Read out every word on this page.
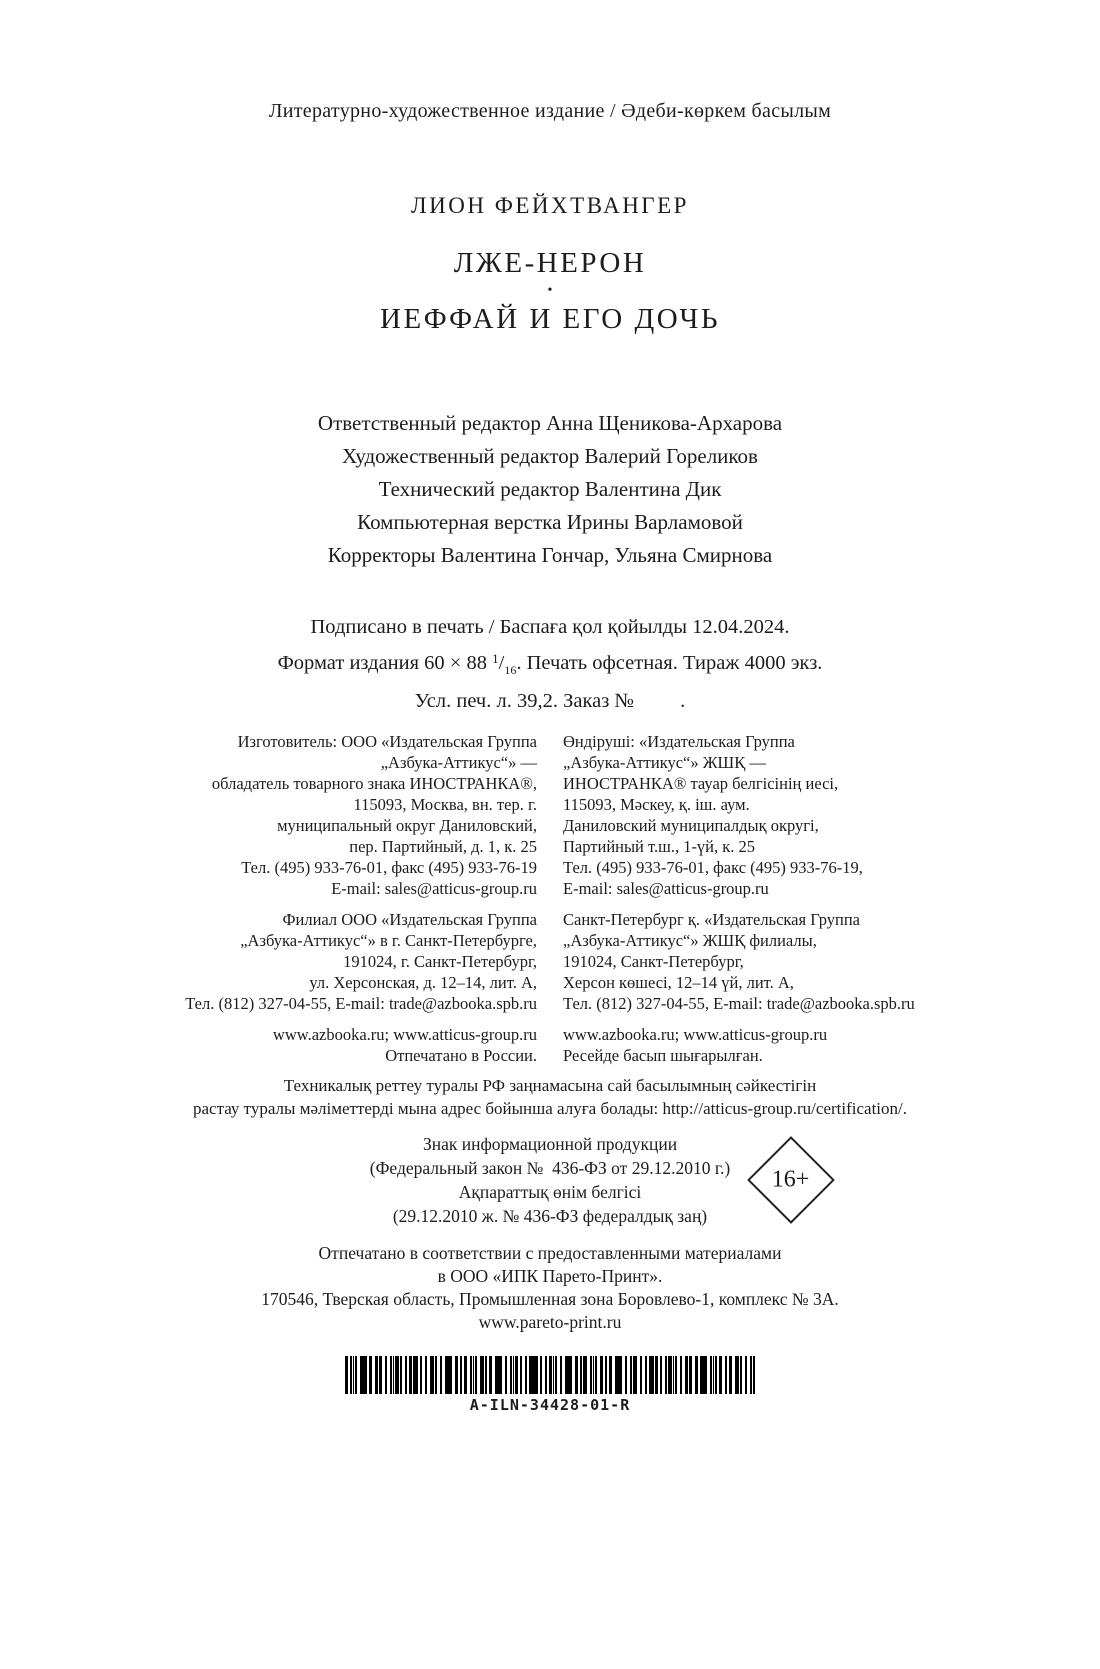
Литературно-художественное издание / Әдеби-көркем басылым
ЛИОН ФЕЙХТВАНГЕР
ЛЖЕ-НЕРОН
•
ИЕФФАЙ И ЕГО ДОЧЬ
Ответственный редактор Анна Щеникова-Архарова
Художественный редактор Валерий Гореликов
Технический редактор Валентина Дик
Компьютерная верстка Ирины Варламовой
Корректоры Валентина Гончар, Ульяна Смирнова
Подписано в печать / Баспаға қол қойылды 12.04.2024.
Формат издания 60 × 88 $^1/_{16}$. Печать офсетная. Тираж 4000 экз.
Усл. печ. л. 39,2. Заказ №         .
Изготовитель: ООО «Издательская Группа
„Азбука-Аттикус“» —
обладатель товарного знака ИНОСТРАНКА®,
115093, Москва, вн. тер. г.
муниципальный округ Даниловский,
пер. Партийный, д. 1, к. 25
Тел. (495) 933-76-01, факс (495) 933-76-19
E-mail: sales@atticus-group.ru
Филиал ООО «Издательская Группа
„Азбука-Аттикус“» в г. Санкт-Петербурге,
191024, г. Санкт-Петербург,
ул. Херсонская, д. 12–14, лит. А,
Тел. (812) 327-04-55, E-mail: trade@azbooka.spb.ru
www.azbooka.ru; www.atticus-group.ru
Отпечатано в России.
Өндіруші: «Издательская Группа
„Азбука-Аттикус“» ЖШҚ —
ИНОСТРАНКА® тауар белгісінің иесі,
115093, Мәскеу, қ. іш. аум.
Даниловский муниципалдық округі,
Партийный т.ш., 1-үй, к. 25
Тел. (495) 933-76-01, факс (495) 933-76-19,
E-mail: sales@atticus-group.ru
Санкт-Петербург қ. «Издательская Группа
„Азбука-Аттикус“» ЖШҚ филиалы,
191024, Санкт-Петербург,
Херсон көшесі, 12–14 үй, лит. А,
Тел. (812) 327-04-55, E-mail: trade@azbooka.spb.ru
www.azbooka.ru; www.atticus-group.ru
Ресейде басып шығарылған.
Техникалық реттеу туралы РФ заңнамасына сай басылымның сәйкестігін
растау туралы мәліметтерді мына адрес бойынша алуға болады: http://atticus-group.ru/certification/.
Знак информационной продукции
(Федеральный закон №  436-ФЗ от 29.12.2010 г.)
Ақпараттық өнім белгісі
(29.12.2010 ж. № 436-ФЗ федералдық заң)
16+
Отпечатано в соответствии с предоставленными материалами
в ООО «ИПК Парето-Принт».
170546, Тверская область, Промышленная зона Боровлево-1, комплекс № 3А.
www.pareto-print.ru
A-ILN-34428-01-R
